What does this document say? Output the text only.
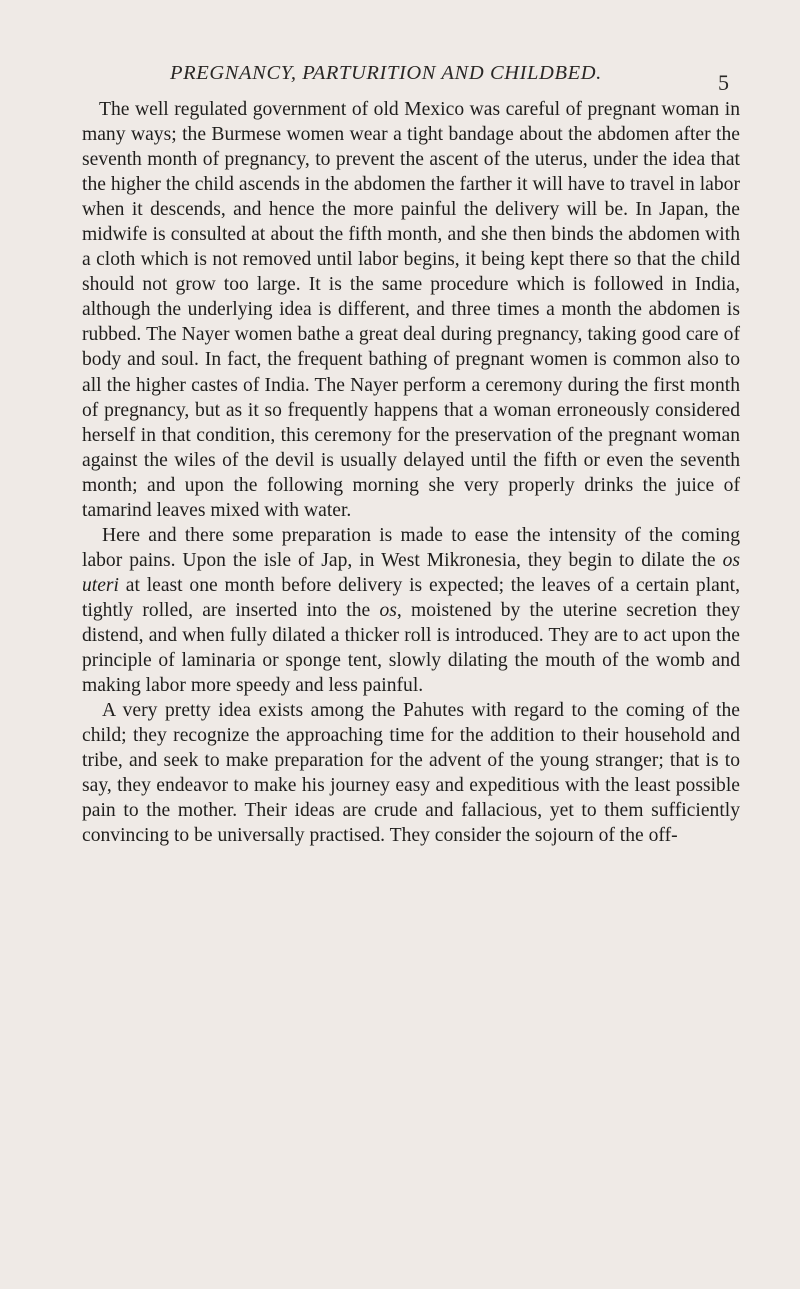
PREGNANCY, PARTURITION AND CHILDBED.	5

The well regulated government of old Mexico was careful of pregnant woman in many ways; the Burmese women wear a tight bandage about the abdomen after the seventh month of pregnancy, to prevent the ascent of the uterus, under the idea that the higher the child ascends in the abdomen the farther it will have to travel in labor when it descends, and hence the more painful the delivery will be. In Japan, the midwife is consulted at about the fifth month, and she then binds the abdomen with a cloth which is not removed until labor begins, it being kept there so that the child should not grow too large. It is the same procedure which is followed in India, although the underlying idea is different, and three times a month the abdomen is rubbed. The Nayer women bathe a great deal during pregnancy, taking good care of body and soul. In fact, the frequent bathing of pregnant women is common also to all the higher castes of India. The Nayer perform a ceremony during the first month of pregnancy, but as it so frequently happens that a woman erroneously considered herself in that condition, this ceremony for the preservation of the pregnant woman against the wiles of the devil is usually delayed until the fifth or even the seventh month; and upon the following morning she very properly drinks the juice of tamarind leaves mixed with water.

Here and there some preparation is made to ease the intensity of the coming labor pains. Upon the isle of Jap, in West Mikronesia, they begin to dilate the os uteri at least one month before delivery is expected; the leaves of a certain plant, tightly rolled, are inserted into the os, moistened by the uterine secretion they distend, and when fully dilated a thicker roll is introduced. They are to act upon the principle of laminaria or sponge tent, slowly dilating the mouth of the womb and making labor more speedy and less painful.

A very pretty idea exists among the Pahutes with regard to the coming of the child; they recognize the approaching time for the addition to their household and tribe, and seek to make preparation for the advent of the young stranger; that is to say, they endeavor to make his journey easy and expeditious with the least possible pain to the mother. Their ideas are crude and fallacious, yet to them sufficiently convincing to be universally practised. They consider the sojourn of the off-
